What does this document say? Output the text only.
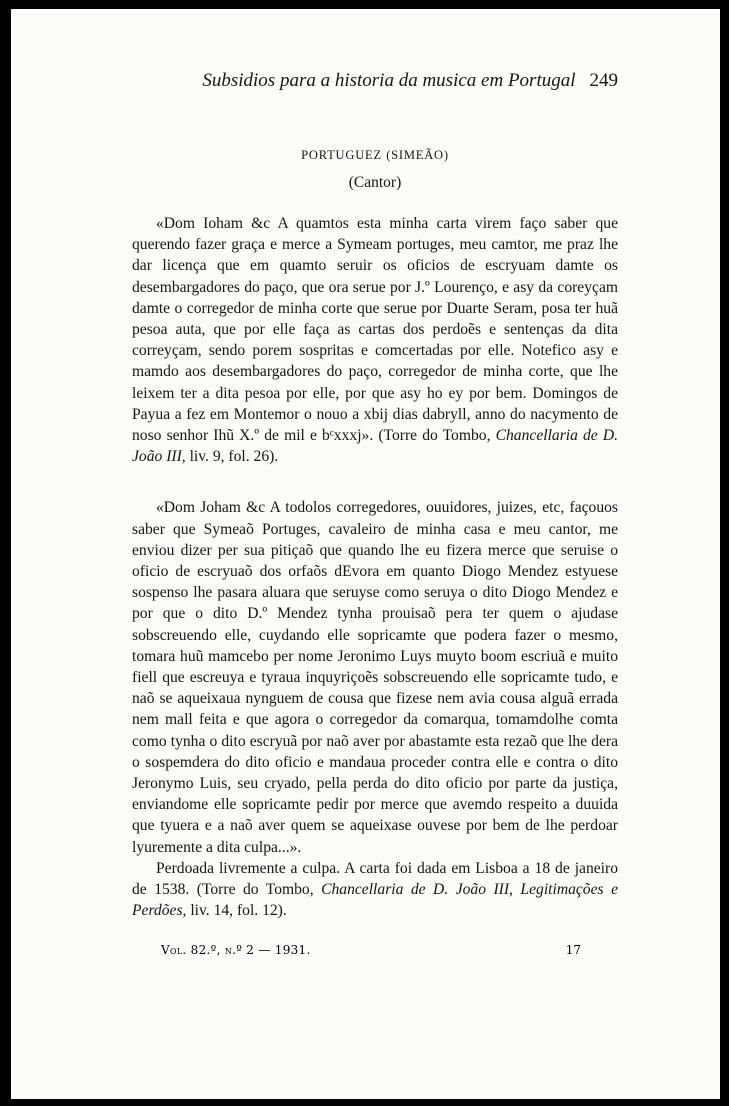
Subsidios para a historia da musica em Portugal 249
PORTUGUEZ (SIMEÃO)
(Cantor)

«Dom Ioham &c A quamtos esta minha carta virem faço saber que querendo fazer graça e merce a Symeam portuges, meu camtor, me praz lhe dar licença que em quamto seruir os oficios de escryuam damte os desembargadores do paço, que ora serue por J.º Lourenço, e asy da coreyçam damte o corregedor de minha corte que serue por Duarte Seram, posa ter huã pesoa auta, que por elle faça as cartas dos perdoẽs e sentenças da dita correyçam, sendo porem sospritas e comcertadas por elle. Notefico asy e mamdo aos desembargadores do paço, corregedor de minha corte, que lhe leixem ter a dita pesoa por elle, por que asy ho ey por bem. Domingos de Payua a fez em Montemor o nouo a xbij dias dabryll, anno do nacymento de noso senhor Ihũ X.º de mil e bᶜxxxj». (Torre do Tombo, Chancellaria de D. João III, liv. 9, fol. 26).

«Dom Joham &c A todolos corregedores, ouuidores, juizes, etc, façouos saber que Symeaõ Portuges, cavaleiro de minha casa e meu cantor, me enviou dizer per sua pitiçaõ que quando lhe eu fizera merce que seruise o oficio de escryuaõ dos orfaõs dEvora em quanto Diogo Mendez estyuese sospenso lhe pasara aluara que seruyse como seruya o dito Diogo Mendez e por que o dito D.º Mendez tynha prouisaõ pera ter quem o ajudase sobscreuendo elle, cuydando elle sopricamte que podera fazer o mesmo, tomara huũ mamcebo per nome Jeronimo Luys muyto boom escriuã e muito fiell que escreuya e tyraua inquyriçoẽs sobscreuendo elle sopricamte tudo, e naõ se aqueixaua nynguem de cousa que fizese nem avia cousa alguã errada nem mall feita e que agora o corregedor da comarqua, tomamdolhe comta como tynha o dito escryuã por naõ aver por abastamte esta rezaõ que lhe dera o sospemdera do dito oficio e mandaua proceder contra elle e contra o dito Jeronymo Luis, seu cryado, pella perda do dito oficio por parte da justiça, enviandome elle sopricamte pedir por merce que avemdo respeito a duuida que tyuera e a naõ aver quem se aqueixase ouvese por bem de lhe perdoar lyuremente a dita culpa...».

Perdoada livremente a culpa. A carta foi dada em Lisboa a 18 de janeiro de 1538. (Torre do Tombo, Chancellaria de D. João III, Legitimações e Perdões, liv. 14, fol. 12).

Vol. 82.º, n.º 2 — 1931.	17
